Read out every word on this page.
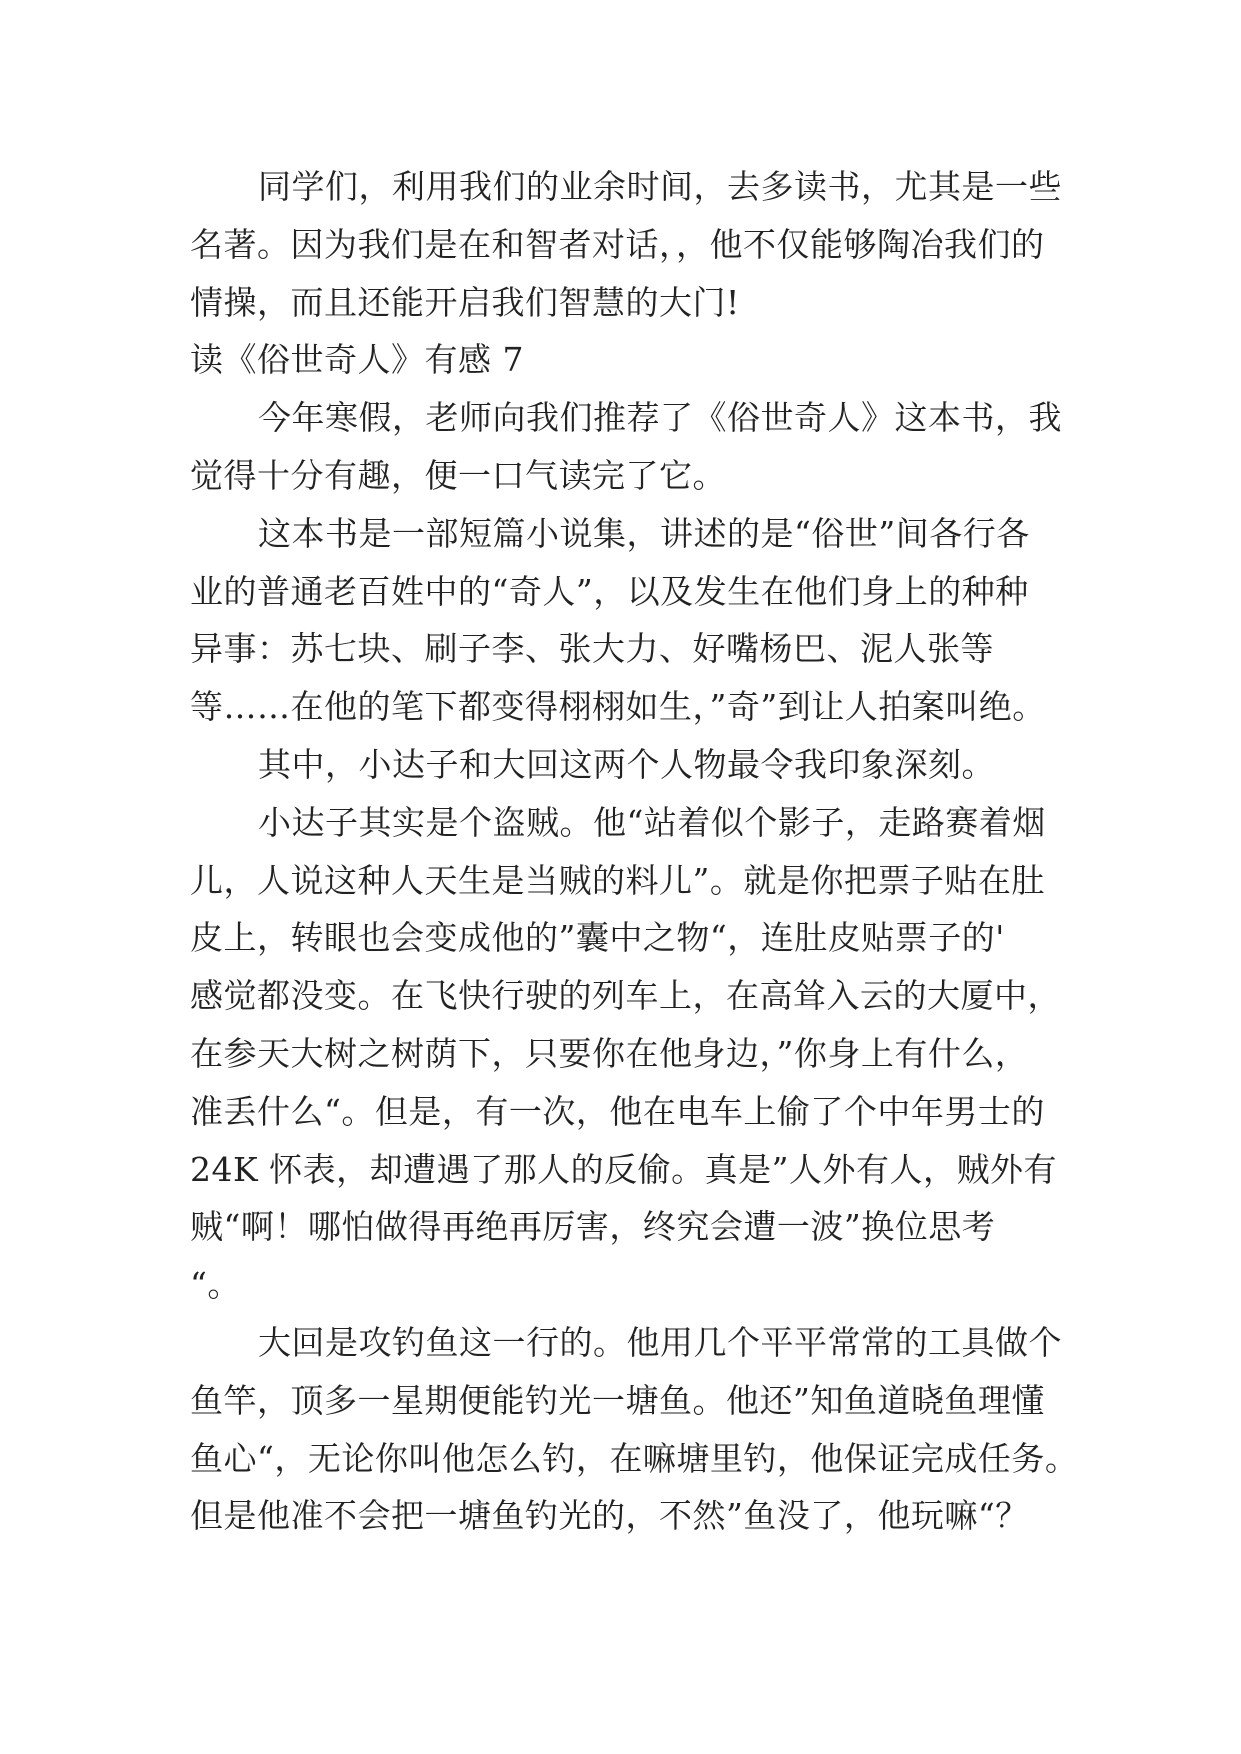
同学们，利用我们的业余时间，去多读书，尤其是一些
名著。因为我们是在和智者对话，，他不仅能够陶冶我们的
情操，而且还能开启我们智慧的大门!
读《俗世奇人》有感 7
今年寒假，老师向我们推荐了《俗世奇人》这本书，我
觉得十分有趣，便一口气读完了它。
这本书是一部短篇小说集，讲述的是“俗世”间各行各
业的普通老百姓中的“奇人”，以及发生在他们身上的种种
异事：苏七块、刷子李、张大力、好嘴杨巴、泥人张等
等……在他的笔下都变得栩栩如生，”奇”到让人拍案叫绝。
其中，小达子和大回这两个人物最令我印象深刻。
小达子其实是个盗贼。他“站着似个影子，走路赛着烟
儿，人说这种人天生是当贼的料儿”。就是你把票子贴在肚
皮上，转眼也会变成他的”囊中之物“，连肚皮贴票子的'
感觉都没变。在飞快行驶的列车上，在高耸入云的大厦中，
在参天大树之树荫下，只要你在他身边，”你身上有什么，
准丢什么“。但是，有一次，他在电车上偷了个中年男士的
24K 怀表，却遭遇了那人的反偷。真是”人外有人，贼外有
贼“啊！哪怕做得再绝再厉害，终究会遭一波”换位思考
“。
大回是攻钓鱼这一行的。他用几个平平常常的工具做个
鱼竿，顶多一星期便能钓光一塘鱼。他还”知鱼道晓鱼理懂
鱼心“，无论你叫他怎么钓，在嘛塘里钓，他保证完成任务。
但是他准不会把一塘鱼钓光的，不然”鱼没了，他玩嘛“？
